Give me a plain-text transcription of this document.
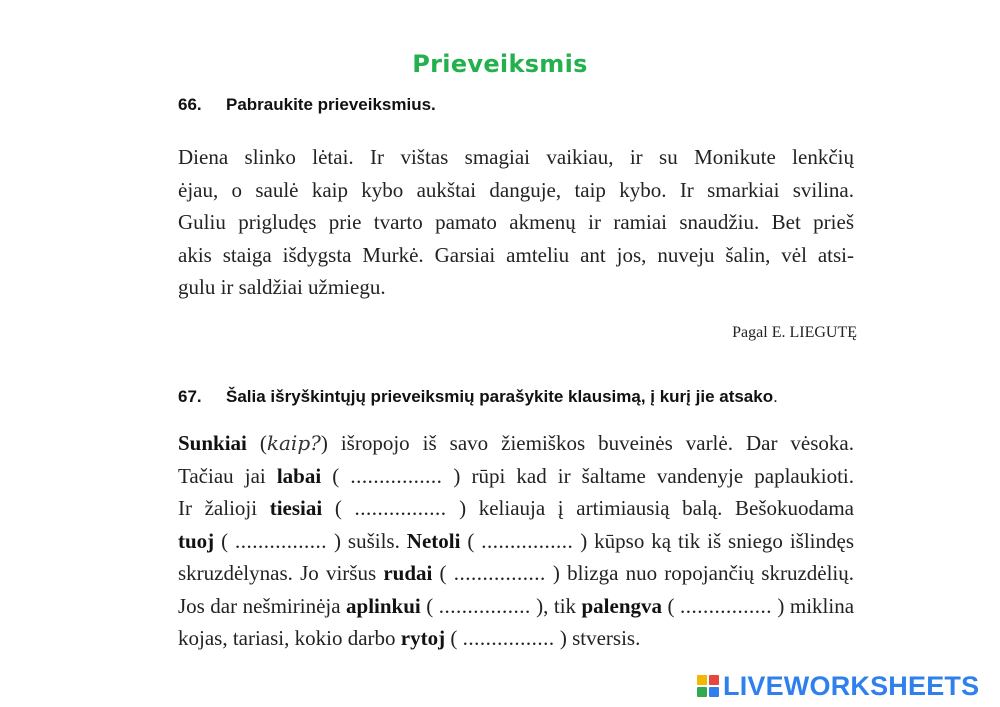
Prieveiksmis
66. Pabraukite prieveiksmius.
Diena slinko lėtai. Ir vištas smagiai vaikiau, ir su Monikute lenkčių
ėjau, o saulė kaip kybo aukštai danguje, taip kybo. Ir smarkiai svilina.
Guliu prigludęs prie tvarto pamato akmenų ir ramiai snaudžiu. Bet prieš
akis staiga išdygsta Murkė. Garsiai amteliu ant jos, nuveju šalin, vėl atsi-
gulu ir saldžiai užmiegu.
Pagal E. LIEGUTĘ
67. Šalia išryškintųjų prieveiksmių parašykite klausimą, į kurį jie atsako.
Sunkiai (kaip?) išropojo iš savo žiemiškos buveinės varlė. Dar vėsoka.
Tačiau jai labai ( ................ ) rūpi kad ir šaltame vandenyje paplaukioti.
Ir žalioji tiesiai ( ................ ) keliauja į artimiausią balą. Bešokuodama
tuoj ( ................ ) sušils. Netoli ( ................ ) kūpso ką tik iš sniego išlindęs
skruzdėlynas. Jo viršus rudai ( ................ ) blizga nuo ropojančių skruzdėlių.
Jos dar nešmirinėja aplinkui ( ................ ), tik palengva ( ................ ) miklina
kojas, tariasi, kokio darbo rytoj ( ................ ) stversis.
LIVEWORKSHEETS
